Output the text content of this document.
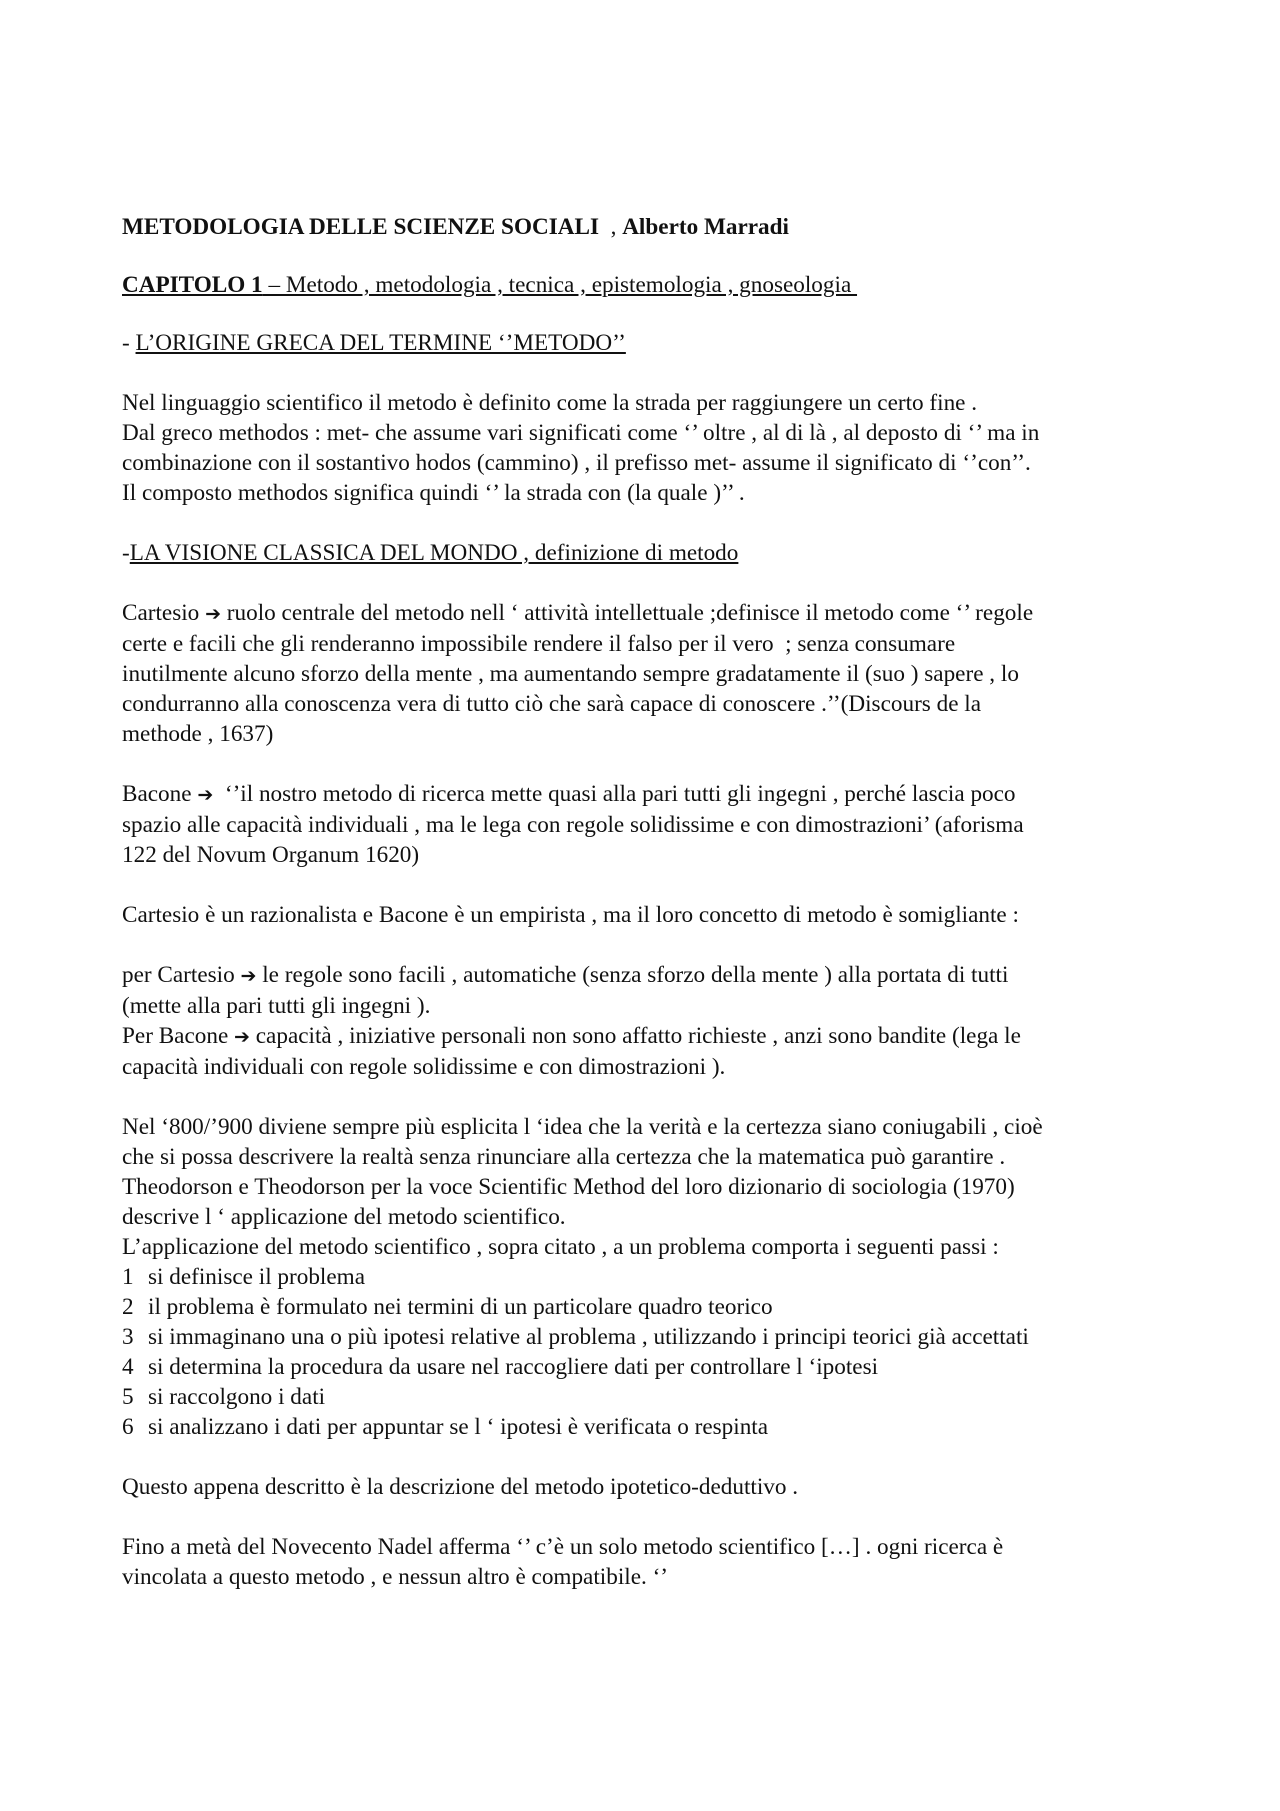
METODOLOGIA DELLE SCIENZE SOCIALI  , Alberto Marradi
CAPITOLO 1 – Metodo , metodologia , tecnica , epistemologia , gnoseologia
- L’ORIGINE GRECA DEL TERMINE ‘’METODO’’
Nel linguaggio scientifico il metodo è definito come la strada per raggiungere un certo fine .
Dal greco methodos : met- che assume vari significati come ‘’ oltre , al di là , al deposto di ‘’ ma in
combinazione con il sostantivo hodos (cammino) , il prefisso met- assume il significato di ‘’con’’.
Il composto methodos significa quindi ‘’ la strada con (la quale )’’ .
-LA VISIONE CLASSICA DEL MONDO , definizione di metodo
Cartesio ➔ ruolo centrale del metodo nell ‘ attività intellettuale ;definisce il metodo come ‘’ regole
certe e facili che gli renderanno impossibile rendere il falso per il vero  ; senza consumare
inutilmente alcuno sforzo della mente , ma aumentando sempre gradatamente il (suo ) sapere , lo
condurranno alla conoscenza vera di tutto ciò che sarà capace di conoscere .’’(Discours de la
methode , 1637)
Bacone ➔  ‘’il nostro metodo di ricerca mette quasi alla pari tutti gli ingegni , perché lascia poco
spazio alle capacità individuali , ma le lega con regole solidissime e con dimostrazioni’ (aforisma
122 del Novum Organum 1620)
Cartesio è un razionalista e Bacone è un empirista , ma il loro concetto di metodo è somigliante :
per Cartesio ➔ le regole sono facili , automatiche (senza sforzo della mente ) alla portata di tutti
(mette alla pari tutti gli ingegni ).
Per Bacone ➔ capacità , iniziative personali non sono affatto richieste , anzi sono bandite (lega le
capacità individuali con regole solidissime e con dimostrazioni ).
Nel ‘800/’900 diviene sempre più esplicita l ‘idea che la verità e la certezza siano coniugabili , cioè
che si possa descrivere la realtà senza rinunciare alla certezza che la matematica può garantire .
Theodorson e Theodorson per la voce Scientific Method del loro dizionario di sociologia (1970)
descrive l ‘ applicazione del metodo scientifico.
L’applicazione del metodo scientifico , sopra citato , a un problema comporta i seguenti passi :
1 si definisce il problema
2 il problema è formulato nei termini di un particolare quadro teorico
3 si immaginano una o più ipotesi relative al problema , utilizzando i principi teorici già accettati
4 si determina la procedura da usare nel raccogliere dati per controllare l ‘ipotesi
5 si raccolgono i dati
6 si analizzano i dati per appuntar se l ‘ ipotesi è verificata o respinta
Questo appena descritto è la descrizione del metodo ipotetico-deduttivo .
Fino a metà del Novecento Nadel afferma ‘’ c’è un solo metodo scientifico […] . ogni ricerca è
vincolata a questo metodo , e nessun altro è compatibile. ‘’
